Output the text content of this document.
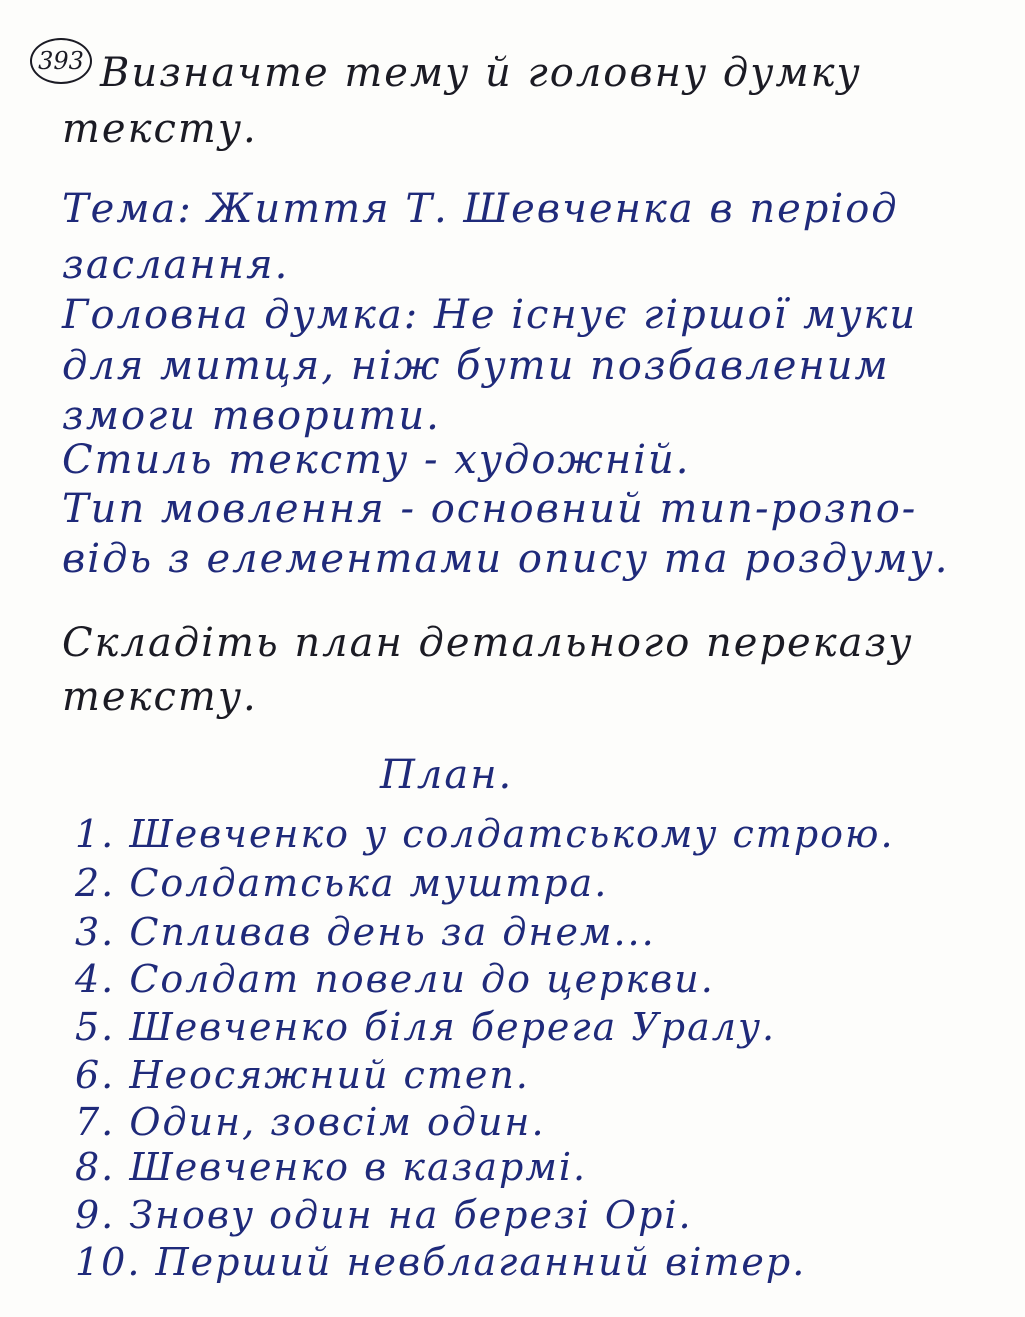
393 Визначте тему й головну думку
тексту.
Тема: Життя Т. Шевченка в період
заслання.
Головна думка: Не існує гіршої муки
для митця, ніж бути позбавленим
змоги творити.
Стиль тексту - художній.
Тип мовлення - основний тип-розпо-
відь з елементами опису та роздуму.
Складіть план детального переказу
тексту.
План.
1. Шевченко у солдатському строю.
2. Солдатська муштра.
3. Спливав день за днем...
4. Солдат повели до церкви.
5. Шевченко біля берега Уралу.
6. Неосяжний степ.
7. Один, зовсім один.
8. Шевченко в казармі.
9. Знову один на березі Орі.
10. Перший невблаганний вітер.
